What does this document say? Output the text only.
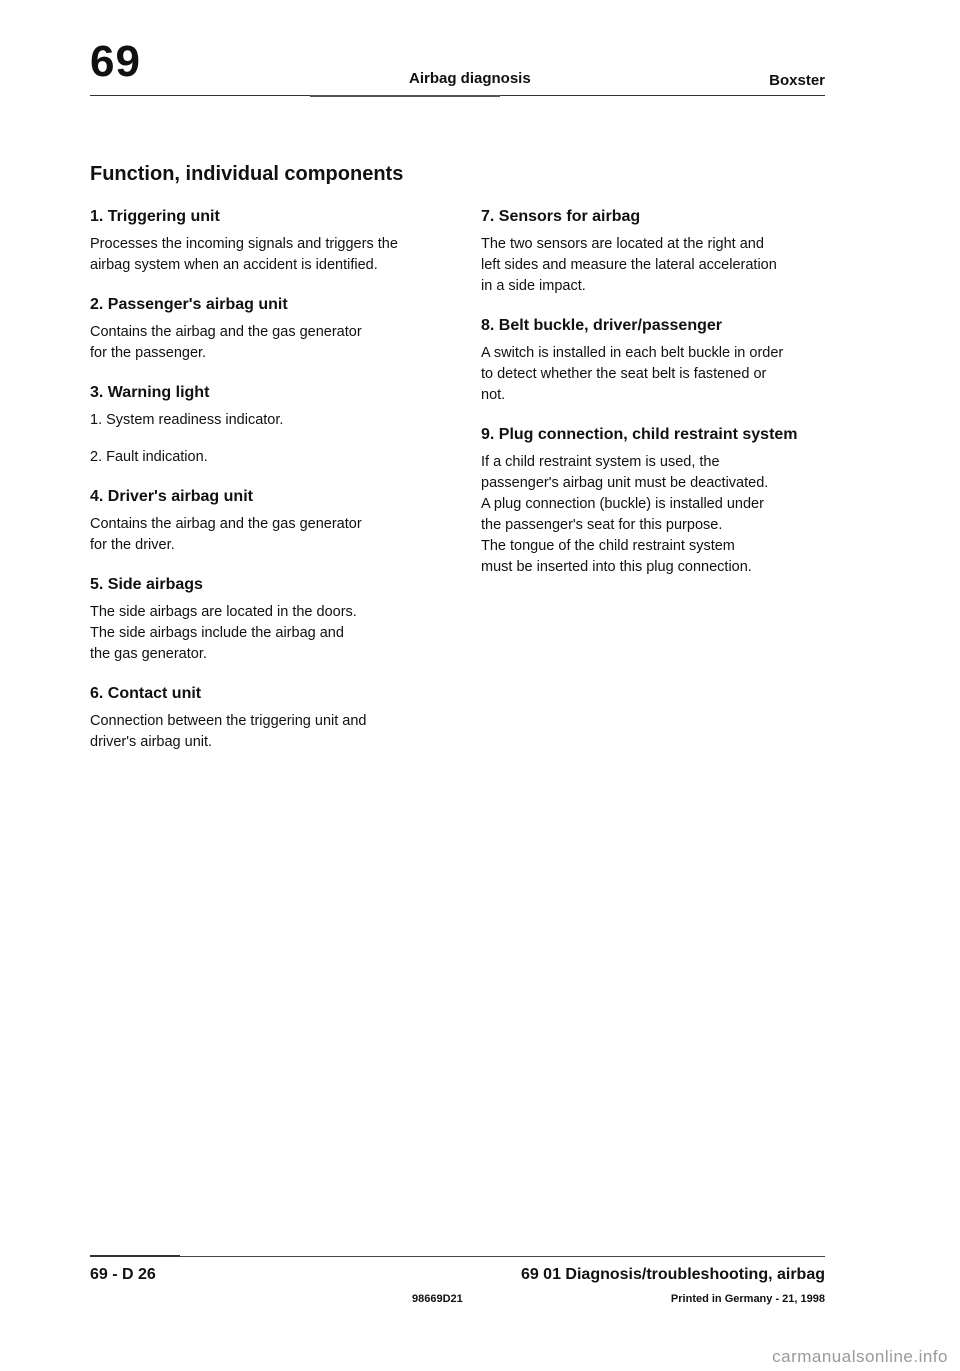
69	Airbag diagnosis	Boxster
Function, individual components
1. Triggering unit

Processes the incoming signals and triggers the
airbag system when an accident is identified.

2. Passenger's airbag unit

Contains the airbag and the gas generator
for the passenger.

3. Warning light

1. System readiness indicator.

2. Fault indication.

4. Driver's airbag unit

Contains the airbag and the gas generator
for the driver.

5. Side airbags

The side airbags are located in the doors.
The side airbags include the airbag and
the gas generator.

6. Contact unit

Connection between the triggering unit and
driver's airbag unit.

7. Sensors for airbag

The two sensors are located at the right and
left sides and measure the lateral acceleration
in a side impact.

8. Belt buckle, driver/passenger

A switch is installed in each belt buckle in order
to detect whether the seat belt is fastened or
not.

9. Plug connection, child restraint system

If a child restraint system is used, the
passenger's airbag unit must be deactivated.
A plug connection (buckle) is installed under
the passenger's seat for this purpose.
The tongue of the child restraint system
must be inserted into this plug connection.

69 - D 26	69 01 Diagnosis/troubleshooting, airbag
98669D21	Printed in Germany - 21, 1998
carmanualsonline.info
